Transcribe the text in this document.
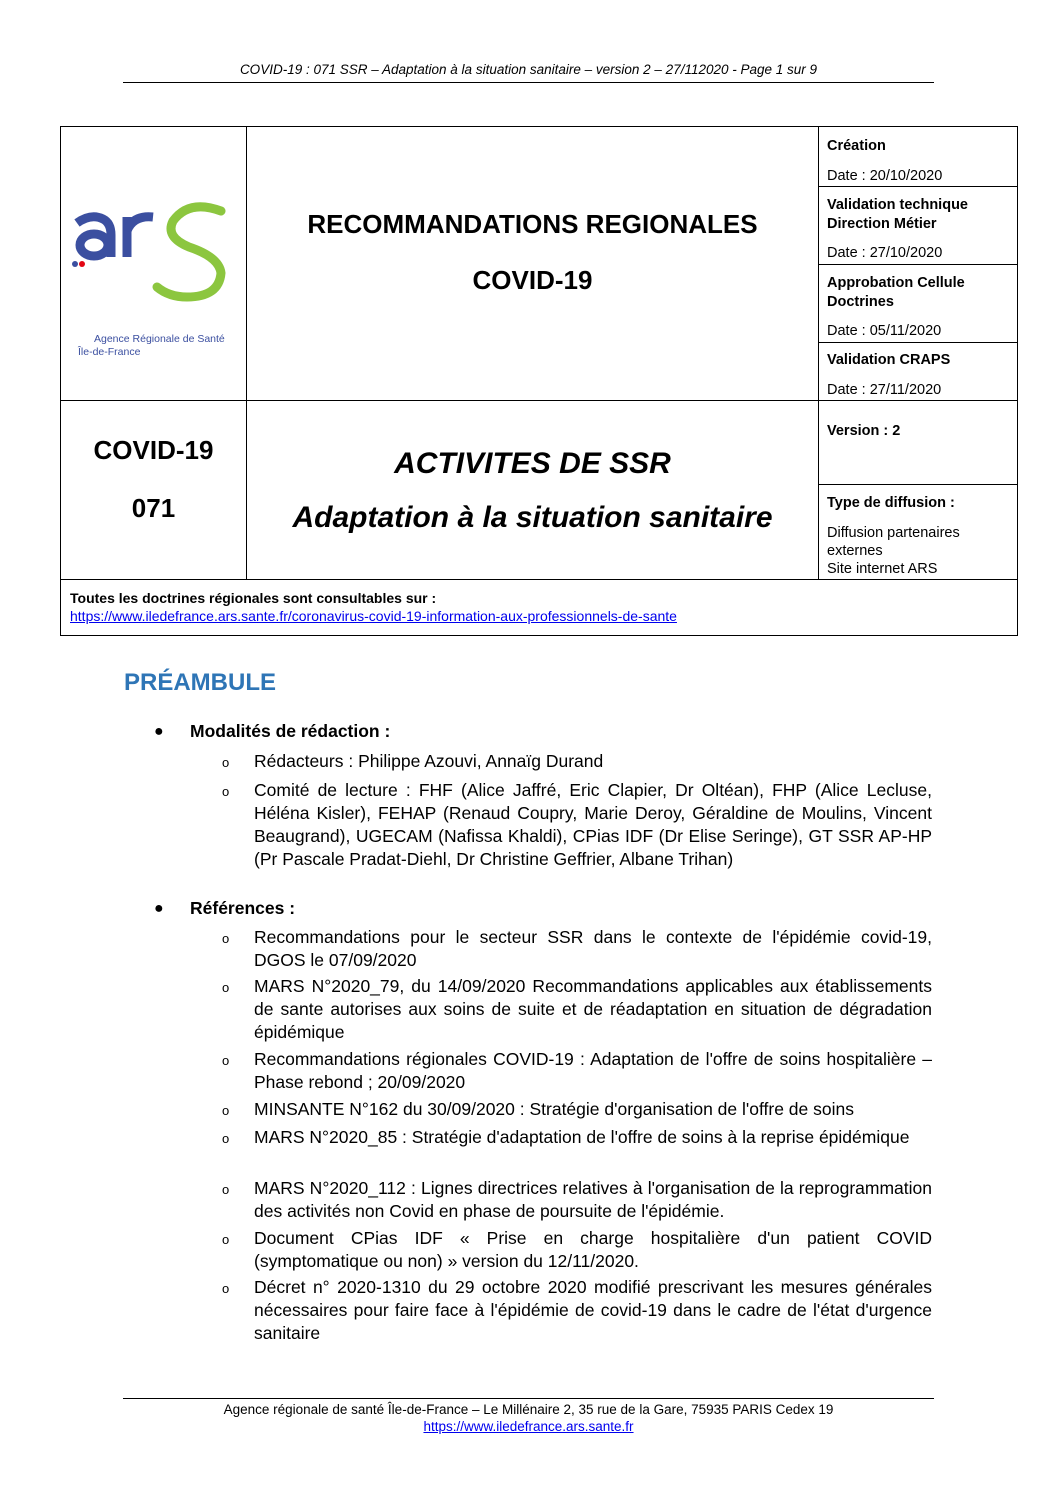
COVID-19 : 071 SSR – Adaptation à la situation sanitaire – version 2 – 27/112020 - Page 1 sur 9
Agence Régionale de Santé
Île-de-France
RECOMMANDATIONS REGIONALES
COVID-19
Création
Date : 20/10/2020
Validation technique
Direction Métier
Date : 27/10/2020
Approbation Cellule
Doctrines
Date : 05/11/2020
Validation CRAPS
Date : 27/11/2020
COVID-19
071
ACTIVITES DE SSR
Adaptation à la situation sanitaire
Version : 2
Type de diffusion :
Diffusion partenaires
externes
Site internet ARS
Toutes les doctrines régionales sont consultables sur :
https://www.iledefrance.ars.sante.fr/coronavirus-covid-19-information-aux-professionnels-de-sante
PRÉAMBULE
● Modalités de rédaction :
o Rédacteurs : Philippe Azouvi, Annaïg Durand
o Comité de lecture : FHF (Alice Jaffré, Eric Clapier, Dr Oltéan), FHP (Alice Lecluse, Héléna Kisler), FEHAP (Renaud Coupry, Marie Deroy, Géraldine de Moulins, Vincent Beaugrand), UGECAM (Nafissa Khaldi), CPias IDF (Dr Elise Seringe), GT SSR AP-HP (Pr Pascale Pradat-Diehl, Dr Christine Geffrier, Albane Trihan)
● Références :
o Recommandations pour le secteur SSR dans le contexte de l'épidémie covid-19, DGOS le 07/09/2020
o MARS N°2020_79, du 14/09/2020 Recommandations applicables aux établissements de sante autorises aux soins de suite et de réadaptation en situation de dégradation épidémique
o Recommandations régionales COVID-19 : Adaptation de l'offre de soins hospitalière – Phase rebond ; 20/09/2020
o MINSANTE N°162 du 30/09/2020 : Stratégie d'organisation de l'offre de soins
o MARS N°2020_85 : Stratégie d'adaptation de l'offre de soins à la reprise épidémique
o MARS N°2020_112 : Lignes directrices relatives à l'organisation de la reprogrammation des activités non Covid en phase de poursuite de l'épidémie.
o Document CPias IDF « Prise en charge hospitalière d'un patient COVID (symptomatique ou non) » version du 12/11/2020.
o Décret n° 2020-1310 du 29 octobre 2020 modifié prescrivant les mesures générales nécessaires pour faire face à l'épidémie de covid-19 dans le cadre de l'état d'urgence sanitaire
Agence régionale de santé Île-de-France – Le Millénaire 2, 35 rue de la Gare, 75935 PARIS Cedex 19
https://www.iledefrance.ars.sante.fr
